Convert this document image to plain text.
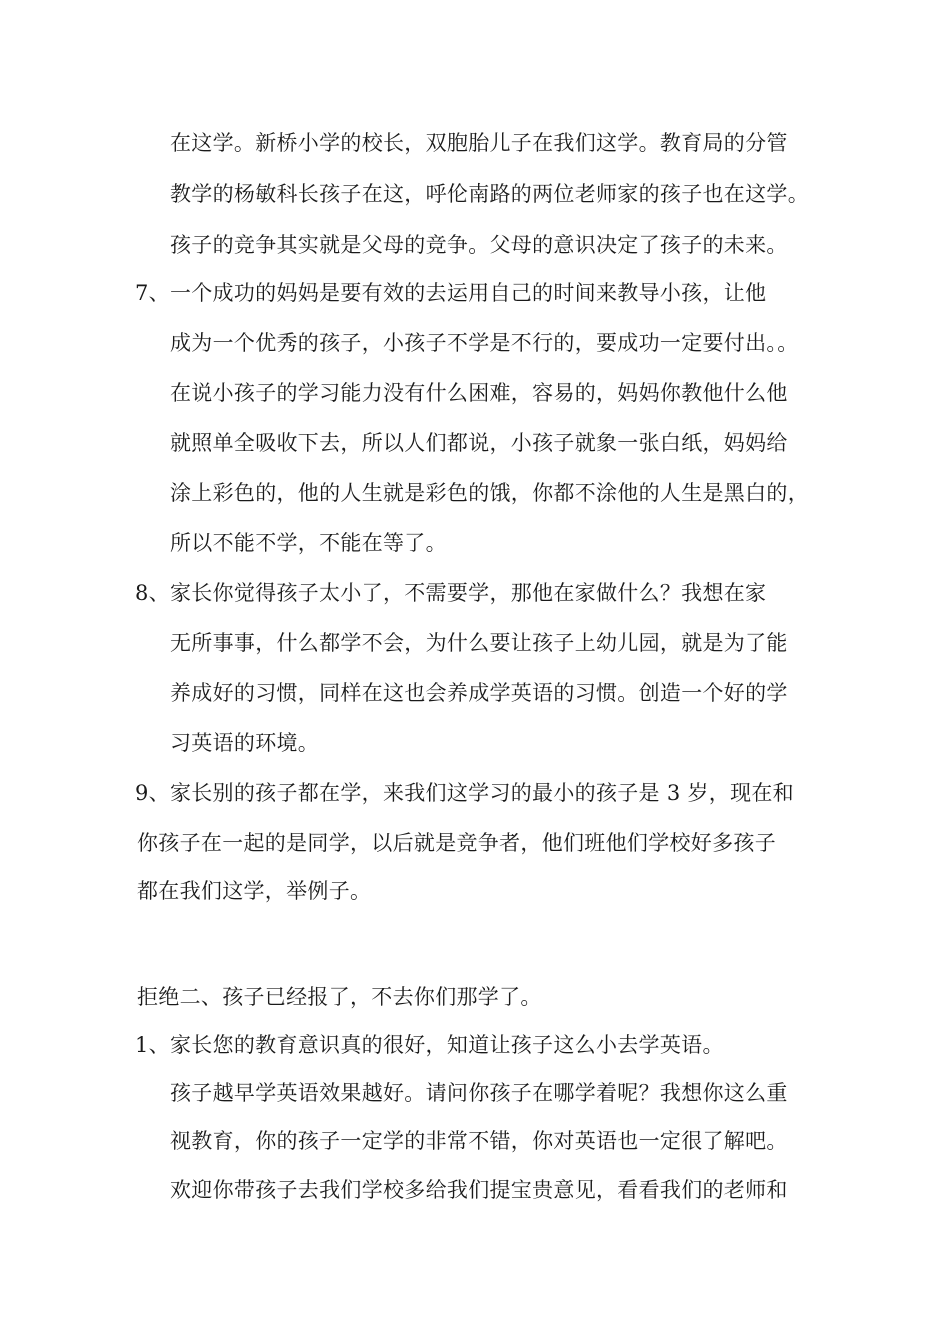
在这学。新桥小学的校长，双胞胎儿子在我们这学。教育局的分管
教学的杨敏科长孩子在这，呼伦南路的两位老师家的孩子也在这学。
孩子的竞争其实就是父母的竞争。父母的意识决定了孩子的未来。
7、一个成功的妈妈是要有效的去运用自己的时间来教导小孩，让他
成为一个优秀的孩子，小孩子不学是不行的，要成功一定要付出。。
在说小孩子的学习能力没有什么困难，容易的，妈妈你教他什么他
就照单全吸收下去，所以人们都说，小孩子就象一张白纸，妈妈给
涂上彩色的，他的人生就是彩色的饿，你都不涂他的人生是黑白的，
所以不能不学，不能在等了。
8、家长你觉得孩子太小了，不需要学，那他在家做什么？我想在家
无所事事，什么都学不会，为什么要让孩子上幼儿园，就是为了能
养成好的习惯，同样在这也会养成学英语的习惯。创造一个好的学
习英语的环境。
9、家长别的孩子都在学，来我们这学习的最小的孩子是 3 岁，现在和
你孩子在一起的是同学，以后就是竞争者，他们班他们学校好多孩子
都在我们这学，举例子。
拒绝二、孩子已经报了，不去你们那学了。
1、家长您的教育意识真的很好，知道让孩子这么小去学英语。
孩子越早学英语效果越好。请问你孩子在哪学着呢？我想你这么重
视教育，你的孩子一定学的非常不错，你对英语也一定很了解吧。
欢迎你带孩子去我们学校多给我们提宝贵意见，看看我们的老师和
